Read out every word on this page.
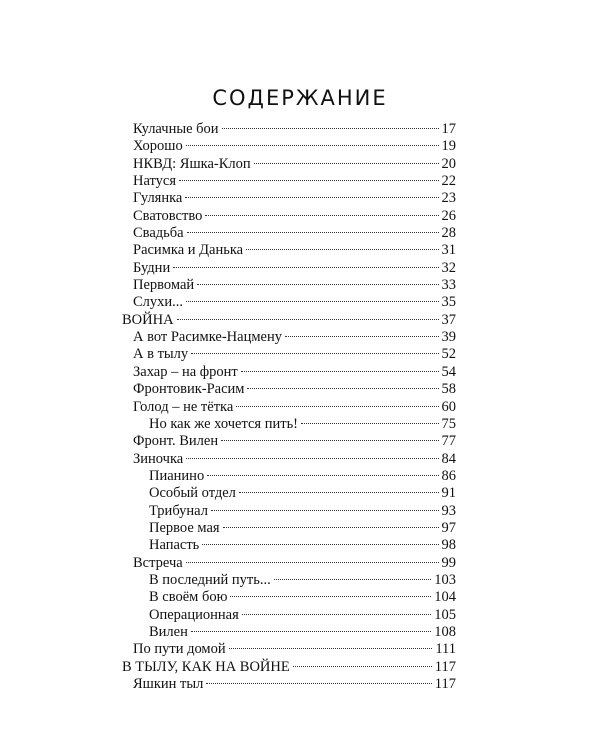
СОДЕРЖАНИЕ
Кулачные бои	17
Хорошо	19
НКВД: Яшка-Клоп	20
Натуся	22
Гулянка	23
Сватовство	26
Свадьба	28
Расимка и Данька	31
Будни	32
Первомай	33
Слухи...	35
ВОЙНА	37
А вот Расимке-Нацмену	39
А в тылу	52
Захар – на фронт	54
Фронтовик-Расим	58
Голод – не тётка	60
Но как же хочется пить!	75
Фронт. Вилен	77
Зиночка	84
Пианино	86
Особый отдел	91
Трибунал	93
Первое мая	97
Напасть	98
Встреча	99
В последний путь...	103
В своём бою	104
Операционная	105
Вилен	108
По пути домой	111
В ТЫЛУ, КАК НА ВОЙНЕ	117
Яшкин тыл	117
